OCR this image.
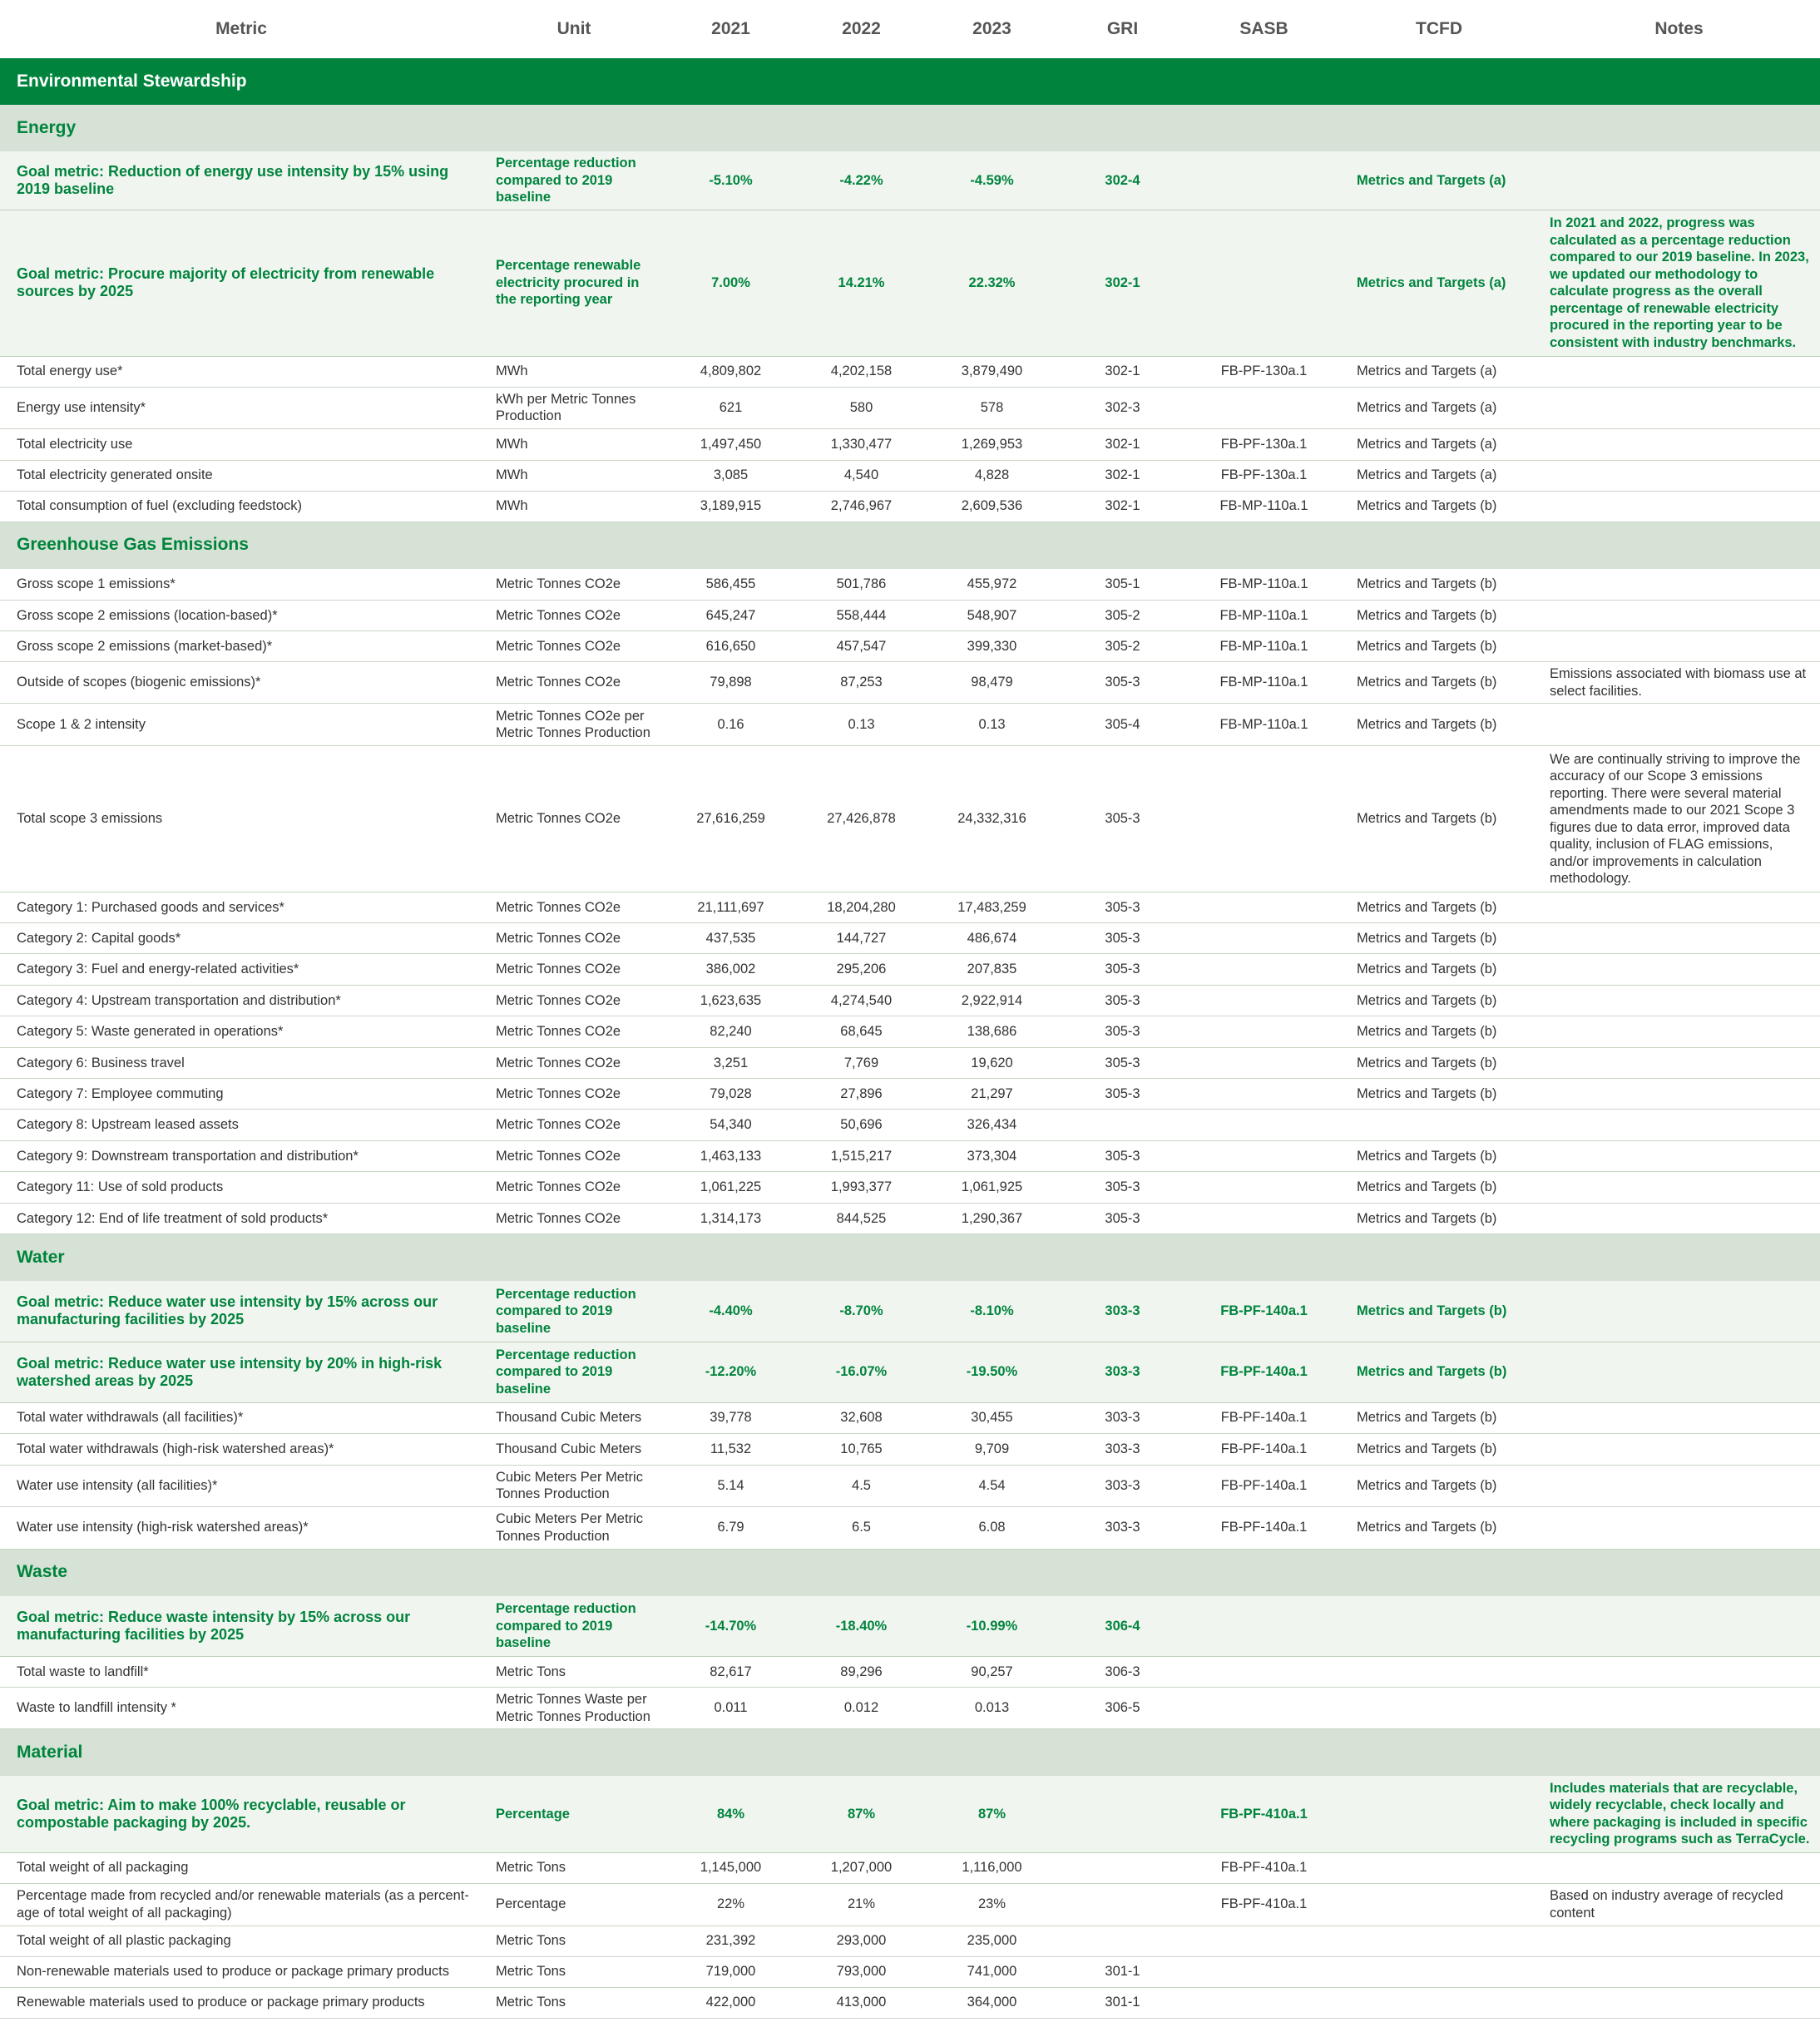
Metric	Unit	2021	2022	2023	GRI	SASB	TCFD	Notes
Environmental Stewardship								
Energy								
Goal metric: Reduction of energy use intensity by 15% using 2019 baseline	Percentage reduction compared to 2019 baseline	-5.10%	-4.22%	-4.59%	302-4		Metrics and Targets (a)	
Goal metric: Procure majority of electricity from renewable sources by 2025	Percentage renewable electricity procured in the reporting year	7.00%	14.21%	22.32%	302-1		Metrics and Targets (a)	In 2021 and 2022, progress was calculated as a percentage reduction compared to our 2019 baseline. In 2023, we updated our methodology to calculate progress as the overall percentage of renewable electricity procured in the reporting year to be consistent with industry benchmarks.
Total energy use*	MWh	4,809,802	4,202,158	3,879,490	302-1	FB-PF-130a.1	Metrics and Targets (a)	
Energy use intensity*	kWh per Metric Tonnes Production	621	580	578	302-3		Metrics and Targets (a)	
Total electricity use	MWh	1,497,450	1,330,477	1,269,953	302-1	FB-PF-130a.1	Metrics and Targets (a)	
Total electricity generated onsite	MWh	3,085	4,540	4,828	302-1	FB-PF-130a.1	Metrics and Targets (a)	
Total consumption of fuel (excluding feedstock)	MWh	3,189,915	2,746,967	2,609,536	302-1	FB-MP-110a.1	Metrics and Targets (b)	
Greenhouse Gas Emissions								
Gross scope 1 emissions*	Metric Tonnes CO2e	586,455	501,786	455,972	305-1	FB-MP-110a.1	Metrics and Targets (b)	
Gross scope 2 emissions (location-based)*	Metric Tonnes CO2e	645,247	558,444	548,907	305-2	FB-MP-110a.1	Metrics and Targets (b)	
Gross scope 2 emissions (market-based)*	Metric Tonnes CO2e	616,650	457,547	399,330	305-2	FB-MP-110a.1	Metrics and Targets (b)	
Outside of scopes (biogenic emissions)*	Metric Tonnes CO2e	79,898	87,253	98,479	305-3	FB-MP-110a.1	Metrics and Targets (b)	Emissions associated with biomass use at select facilities.
Scope 1 & 2 intensity	Metric Tonnes CO2e per Metric Tonnes Production	0.16	0.13	0.13	305-4	FB-MP-110a.1	Metrics and Targets (b)	
Total scope 3 emissions	Metric Tonnes CO2e	27,616,259	27,426,878	24,332,316	305-3		Metrics and Targets (b)	We are continually striving to improve the accuracy of our Scope 3 emissions reporting. There were several material amendments made to our 2021 Scope 3 figures due to data error, improved data quality, inclusion of FLAG emissions, and/or improvements in calculation methodology.
Category 1: Purchased goods and services*	Metric Tonnes CO2e	21,111,697	18,204,280	17,483,259	305-3		Metrics and Targets (b)	
Category 2: Capital goods*	Metric Tonnes CO2e	437,535	144,727	486,674	305-3		Metrics and Targets (b)	
Category 3: Fuel and energy-related activities*	Metric Tonnes CO2e	386,002	295,206	207,835	305-3		Metrics and Targets (b)	
Category 4: Upstream transportation and distribution*	Metric Tonnes CO2e	1,623,635	4,274,540	2,922,914	305-3		Metrics and Targets (b)	
Category 5: Waste generated in operations*	Metric Tonnes CO2e	82,240	68,645	138,686	305-3		Metrics and Targets (b)	
Category 6: Business travel	Metric Tonnes CO2e	3,251	7,769	19,620	305-3		Metrics and Targets (b)	
Category 7: Employee commuting	Metric Tonnes CO2e	79,028	27,896	21,297	305-3		Metrics and Targets (b)	
Category 8: Upstream leased assets	Metric Tonnes CO2e	54,340	50,696	326,434				
Category 9: Downstream transportation and distribution*	Metric Tonnes CO2e	1,463,133	1,515,217	373,304	305-3		Metrics and Targets (b)	
Category 11: Use of sold products	Metric Tonnes CO2e	1,061,225	1,993,377	1,061,925	305-3		Metrics and Targets (b)	
Category 12: End of life treatment of sold products*	Metric Tonnes CO2e	1,314,173	844,525	1,290,367	305-3		Metrics and Targets (b)	
Water								
Goal metric: Reduce water use intensity by 15% across our manufacturing facilities by 2025	Percentage reduction compared to 2019 baseline	-4.40%	-8.70%	-8.10%	303-3	FB-PF-140a.1	Metrics and Targets (b)	
Goal metric: Reduce water use intensity by 20% in high-risk watershed areas by 2025	Percentage reduction compared to 2019 baseline	-12.20%	-16.07%	-19.50%	303-3	FB-PF-140a.1	Metrics and Targets (b)	
Total water withdrawals (all facilities)*	Thousand Cubic Meters	39,778	32,608	30,455	303-3	FB-PF-140a.1	Metrics and Targets (b)	
Total water withdrawals (high-risk watershed areas)*	Thousand Cubic Meters	11,532	10,765	9,709	303-3	FB-PF-140a.1	Metrics and Targets (b)	
Water use intensity (all facilities)*	Cubic Meters Per Metric Tonnes Production	5.14	4.5	4.54	303-3	FB-PF-140a.1	Metrics and Targets (b)	
Water use intensity (high-risk watershed areas)*	Cubic Meters Per Metric Tonnes Production	6.79	6.5	6.08	303-3	FB-PF-140a.1	Metrics and Targets (b)	
Waste								
Goal metric: Reduce waste intensity by 15% across our manufacturing facilities by 2025	Percentage reduction compared to 2019 baseline	-14.70%	-18.40%	-10.99%	306-4			
Total waste to landfill*	Metric Tons	82,617	89,296	90,257	306-3			
Waste to landfill intensity *	Metric Tonnes Waste per Metric Tonnes Production	0.011	0.012	0.013	306-5			
Material								
Goal metric: Aim to make 100% recyclable, reusable or compostable packaging by 2025.	Percentage	84%	87%	87%		FB-PF-410a.1		Includes materials that are recyclable, widely recyclable, check locally and where packaging is included in specific recycling programs such as TerraCycle.
Total weight of all packaging	Metric Tons	1,145,000	1,207,000	1,116,000		FB-PF-410a.1		
Percentage made from recycled and/or renewable materials (as a percent-age of total weight of all packaging)	Percentage	22%	21%	23%		FB-PF-410a.1		Based on industry average of recycled content
Total weight of all plastic packaging	Metric Tons	231,392	293,000	235,000				
Non-renewable materials used to produce or package primary products	Metric Tons	719,000	793,000	741,000	301-1			
Renewable materials used to produce or package primary products	Metric Tons	422,000	413,000	364,000	301-1			
